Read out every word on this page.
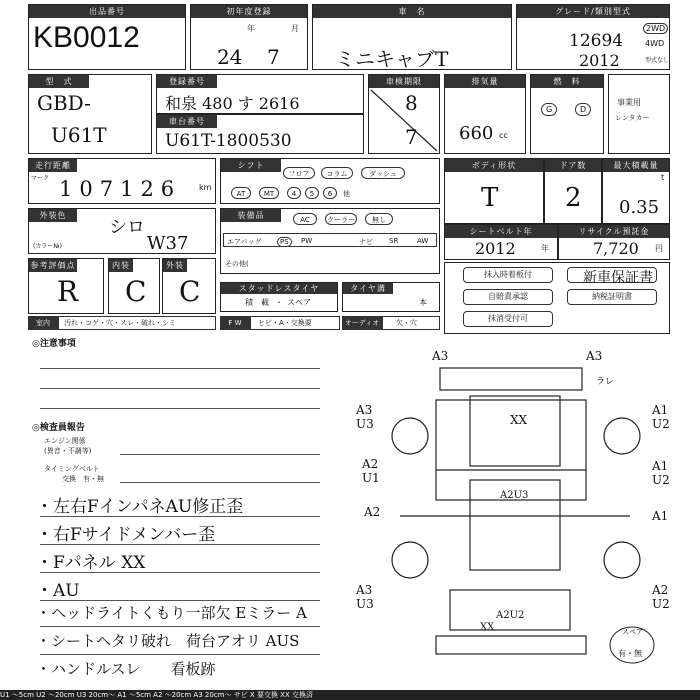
出品番号
KB0012
初年度登録
24 7
年	月
車　名
ミニキャブT
グレード/類別型式
12694
2012
2WD
4WD
型式なし
型　式
GBD-
U61T
登録番号
和泉 480 す 2616
車台番号
U61T-1800530
車検期限
8
7
排気量
660 cc
燃　料
G	D
事業用
レンタカー
走行距離
マーク 107126 km
シフト
フロア	コラム	ダッシュ
AT	MT	4	5	6	他
ボディ形状
T
ドア数
2
最大積載量
t
0.35
外装色
シロ
(カラー№)	W37
装備品	AC	クーラー	無し
エアバッグ	PS	PW	ナビ SR	AW
その他(
シートベルト年
2012	年
リサイクル預託金
7,720 円
参考評価点
R
内装
C
外装
C	スタッドレスタイヤ
積　載 ・ スペア
タイヤ溝
本
抹入時着板付
自賠責承認
抹消受付可
新車保証書
納税証明書
室内	汚れ・コゲ・穴・スレ・破れ・シミ	F W	ヒビ・A・交換要	オーディオ	欠・穴
◎注意事項
◎検査員報告
エンジン関係
(異音・不調等)
タイミングベルト
交換　有・無
・左右FインパネAU修正歪
・右Fサイドメンバー歪
・Fパネル XX
・AU
・ヘッドライトくもり一部欠 Eミラー A
・シートヘタリ破れ　荷台アオリ AUS
・ハンドルスレ　　看板跡
A3	A3
ラレ
A3
U3
A1
U2
A2
U1
A2
A1
U2
A1
XX
A2U3
A3
U3
A2
U2
A2U2
XX	スペア
有・無
U1 ～5cm U2 ～20cm U3 20cm～ A1 ～5cm A2 ～20cm A3 20cm～ サビ X 要交換 XX 交換済
